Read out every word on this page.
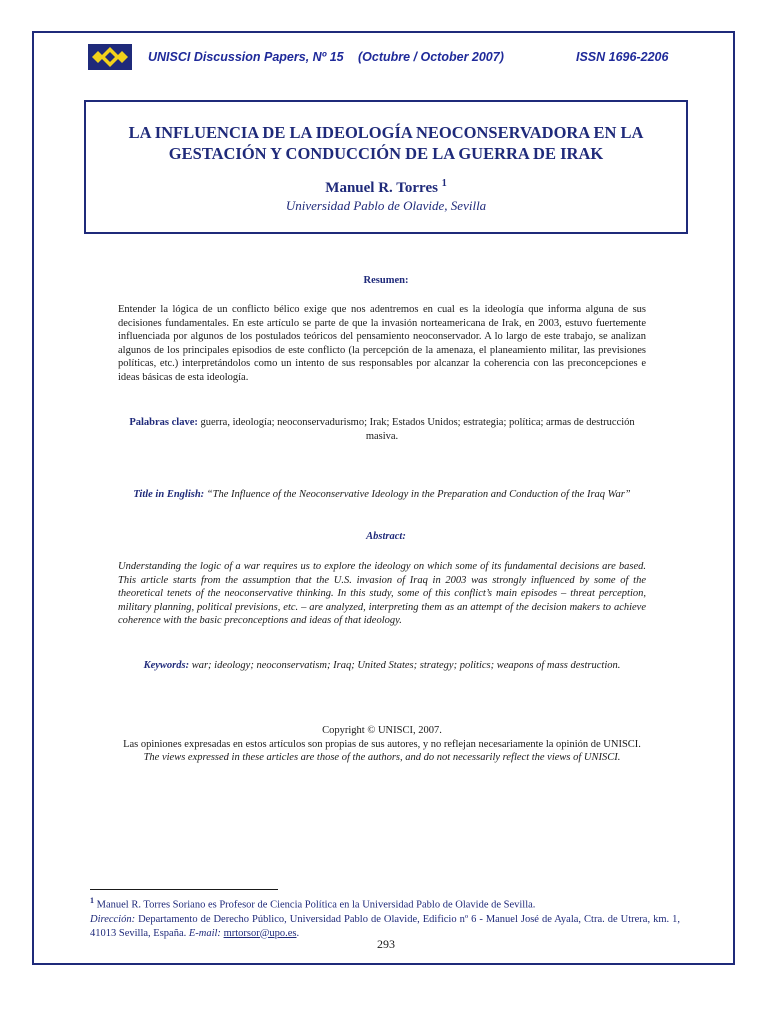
UNISCI Discussion Papers, Nº 15 (Octubre / October 2007)	ISSN 1696-2206
LA INFLUENCIA DE LA IDEOLOGÍA NEOCONSERVADORA EN LA
GESTACIÓN Y CONDUCCIÓN DE LA GUERRA DE IRAK
Manuel R. Torres $^1$
Universidad Pablo de Olavide, Sevilla
Resumen:

Entender la lógica de un conflicto bélico exige que nos adentremos en cual es la ideología que informa alguna de sus decisiones fundamentales. En este artículo se parte de que la invasión norteamericana de Irak, en 2003, estuvo fuertemente influenciada por algunos de los postulados teóricos del pensamiento neoconservador. A lo largo de este trabajo, se analizan algunos de los principales episodios de este conflicto (la percepción de la amenaza, el planeamiento militar, las previsiones políticas, etc.) interpretándolos como un intento de sus responsables por alcanzar la coherencia con las preconcepciones e ideas básicas de esta ideología.

Palabras clave: guerra, ideología; neoconservadurismo; Irak; Estados Unidos; estrategia; política; armas de destrucción masiva.
Title in English: “The Influence of the Neoconservative Ideology in the Preparation and Conduction of the Iraq War”
Abstract:

Understanding the logic of a war requires us to explore the ideology on which some of its fundamental decisions are based. This article starts from the assumption that the U.S. invasion of Iraq in 2003 was strongly influenced by some of the theoretical tenets of the neoconservative thinking. In this study, some of this conflict’s main episodes – threat perception, military planning, political previsions, etc. – are analyzed, interpreting them as an attempt of the decision makers to achieve coherence with the basic preconceptions and ideas of that ideology.

Keywords: war; ideology; neoconservatism; Iraq; United States; strategy; politics; weapons of mass destruction.
Copyright © UNISCI, 2007.
Las opiniones expresadas en estos artículos son propias de sus autores, y no reflejan necesariamente la opinión de UNISCI. The views expressed in these articles are those of the authors, and do not necessarily reflect the views of UNISCI.

$^1$ Manuel R. Torres Soriano es Profesor de Ciencia Política en la Universidad Pablo de Olavide de Sevilla.
Dirección: Departamento de Derecho Público, Universidad Pablo de Olavide, Edificio nº 6 - Manuel José de Ayala, Ctra. de Utrera, km. 1, 41013 Sevilla, España. E-mail: mrtorsor@upo.es.

293
